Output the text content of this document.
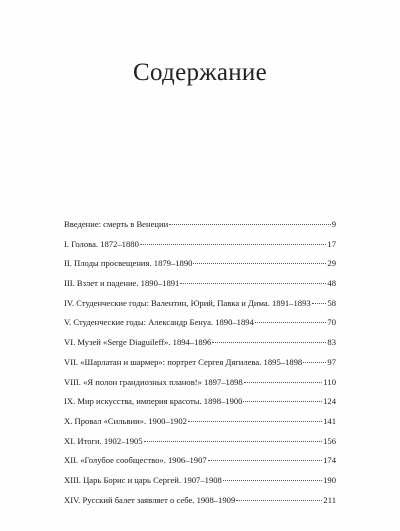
Содержание
Введение: смерть в Венеции	9
I. Голова. 1872–1880	17
II. Плоды просвещения. 1879–1890	29
III. Взлет и падение. 1890–1891	48
IV. Студенческие годы: Валентин, Юрий, Павка и Дима. 1891–1893 58
V. Студенческие годы: Александр Бенуа. 1890–1894	70
VI. Музей «Serge Diaguileff». 1894–1896	83
VII. «Шарлатан и шармер»: портрет Сергея Дягилева. 1895–1898	97
VIII. «Я полон грандиозных планов!» 1897–1898	110
IX. Мир искусства, империя красоты. 1898–1900	124
X. Провал «Сильвии». 1900–1902	141
XI. Итоги. 1902–1905	156
XII. «Голубое сообщество». 1906–1907	174
XIII. Царь Борис и царь Сергей. 1907–1908	190
XIV. Русский балет заявляет о себе. 1908–1909	211
